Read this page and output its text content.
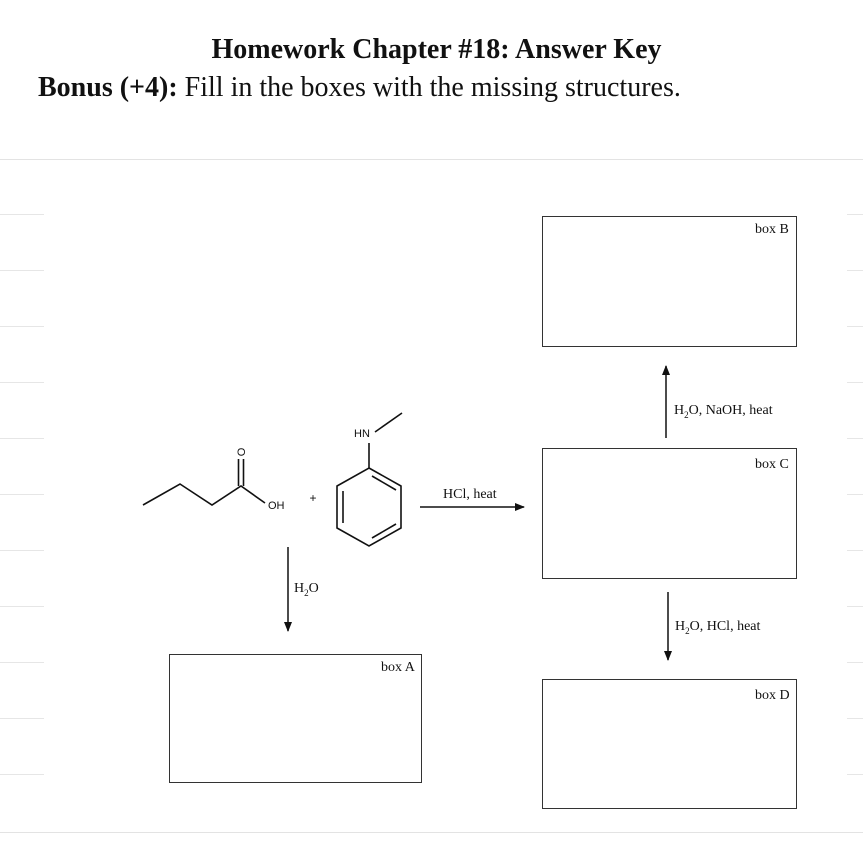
Homework Chapter #18: Answer Key

Bonus (+4): Fill in the boxes with the missing structures.

O
OH
+
HN
HCl, heat
$H_2O$
$H_2O$, NaOH, heat
$H_2O$, HCl, heat
box A
box B
box C
box D
